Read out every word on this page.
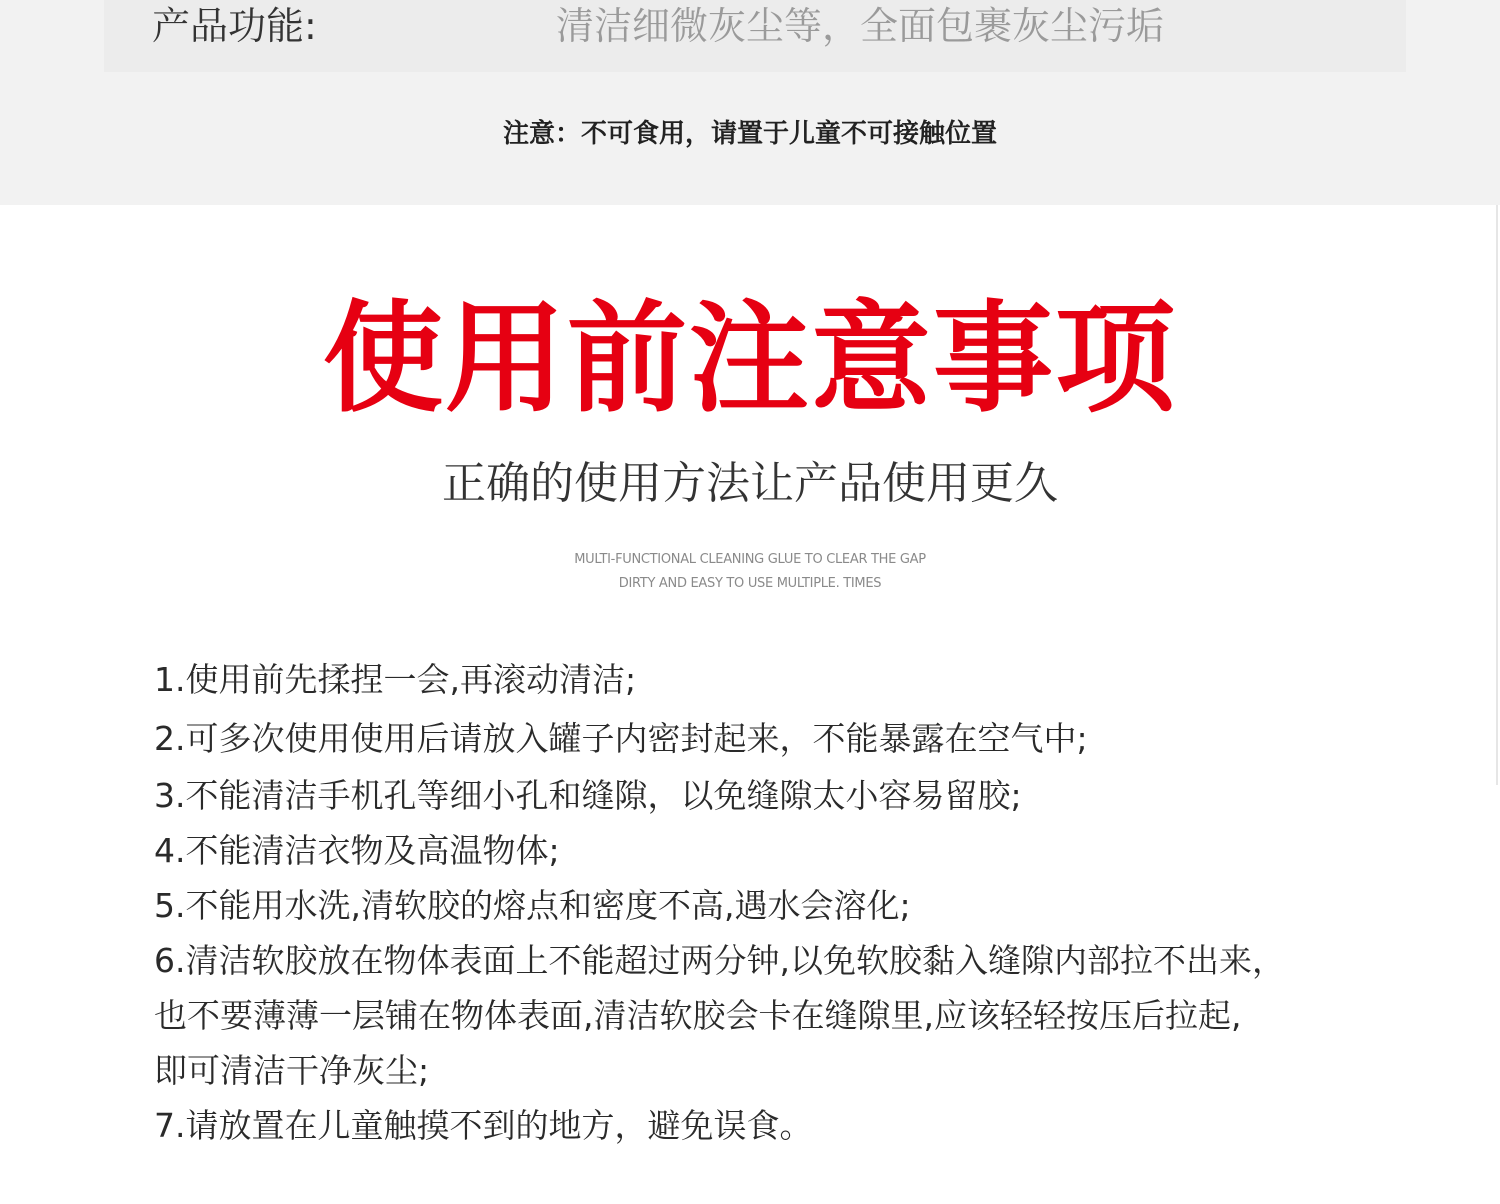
产品功能:	清洁细微灰尘等，全面包裹灰尘污垢
注意：不可食用，请置于儿童不可接触位置
使用前注意事项
正确的使用方法让产品使用更久
MULTI-FUNCTIONAL CLEANING GLUE TO CLEAR THE GAP
DIRTY AND EASY TO USE MULTIPLE. TIMES
1.使用前先揉捏一会,再滚动清洁;
2.可多次使用使用后请放入罐子内密封起来，不能暴露在空气中;
3.不能清洁手机孔等细小孔和缝隙，以免缝隙太小容易留胶;
4.不能清洁衣物及高温物体;
5.不能用水洗,清软胶的熔点和密度不高,遇水会溶化;
6.清洁软胶放在物体表面上不能超过两分钟,以免软胶黏入缝隙内部拉不出来，
也不要薄薄一层铺在物体表面,清洁软胶会卡在缝隙里,应该轻轻按压后拉起,
即可清洁干净灰尘;
7.请放置在儿童触摸不到的地方，避免误食。
